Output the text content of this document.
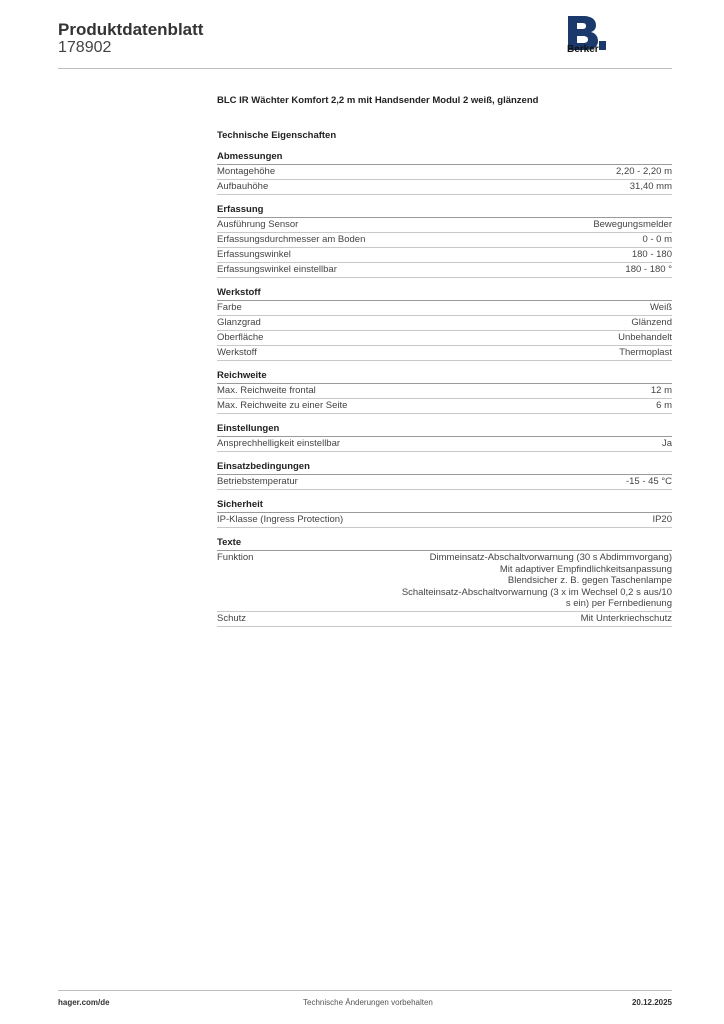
Produktdatenblatt
178902	Berker
BLC IR Wächter Komfort 2,2 m mit Handsender Modul 2 weiß, glänzend
Technische Eigenschaften
Abmessungen
Montagehöhe	2,20 - 2,20 m
Aufbauhöhe	31,40 mm
Erfassung
Ausführung Sensor	Bewegungsmelder
Erfassungsdurchmesser am Boden	0 - 0 m
Erfassungswinkel	180 - 180
Erfassungswinkel einstellbar	180 - 180 °
Werkstoff
Farbe	Weiß
Glanzgrad	Glänzend
Oberfläche	Unbehandelt
Werkstoff	Thermoplast
Reichweite
Max. Reichweite frontal	12 m
Max. Reichweite zu einer Seite	6 m
Einstellungen
Ansprechhelligkeit einstellbar	Ja
Einsatzbedingungen
Betriebstemperatur	-15 - 45 °C
Sicherheit
IP-Klasse (Ingress Protection)	IP20
Texte
Funktion	Dimmeinsatz-Abschaltvorwarnung (30 s Abdimmvorgang)
Mit adaptiver Empfindlichkeitsanpassung
Blendsicher z. B. gegen Taschenlampe
Schalteinsatz-Abschaltvorwarnung (3 x im Wechsel 0,2 s aus/10
s ein) per Fernbedienung
Schutz	Mit Unterkriechschutz
hager.com/de	Technische Änderungen vorbehalten	20.12.2025
